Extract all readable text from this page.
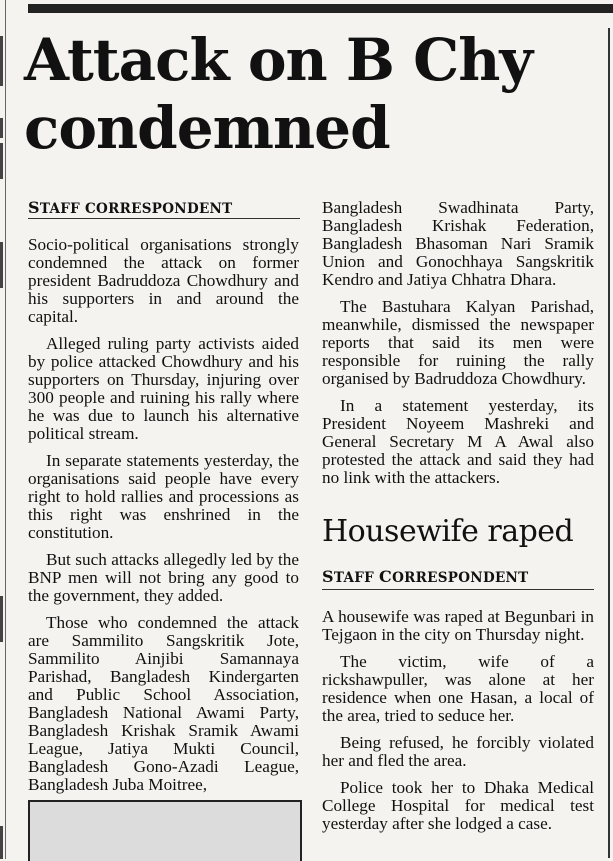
Attack on B Chy condemned
STAFF CORRESPONDENT

Socio-political organisations strongly condemned the attack on former president Badruddoza Chowdhury and his supporters in and around the capital.

Alleged ruling party activists aided by police attacked Chowdhury and his supporters on Thursday, injuring over 300 people and ruining his rally where he was due to launch his alternative political stream.

In separate statements yesterday, the organisations said people have every right to hold rallies and processions as this right was enshrined in the constitution.

But such attacks allegedly led by the BNP men will not bring any good to the government, they added.

Those who condemned the attack are Sammilito Sangskritik Jote, Sammilito Ainjibi Samannaya Parishad, Bangladesh Kindergarten and Public School Association, Bangladesh National Awami Party, Bangladesh Krishak Sramik Awami League, Jatiya Mukti Council, Bangladesh Gono-Azadi League, Bangladesh Juba Moitree,

Bangladesh Swadhinata Party, Bangladesh Krishak Federation, Bangladesh Bhasoman Nari Sramik Union and Gonochhaya Sangskritik Kendro and Jatiya Chhatra Dhara.

The Bastuhara Kalyan Parishad, meanwhile, dismissed the newspaper reports that said its men were responsible for ruining the rally organised by Badruddoza Chowdhury.

In a statement yesterday, its President Noyeem Mashreki and General Secretary M A Awal also protested the attack and said they had no link with the attackers.

Housewife raped
STAFF CORRESPONDENT

A housewife was raped at Begunbari in Tejgaon in the city on Thursday night.

The victim, wife of a rickshawpuller, was alone at her residence when one Hasan, a local of the area, tried to seduce her.

Being refused, he forcibly violated her and fled the area.

Police took her to Dhaka Medical College Hospital for medical test yesterday after she lodged a case.
